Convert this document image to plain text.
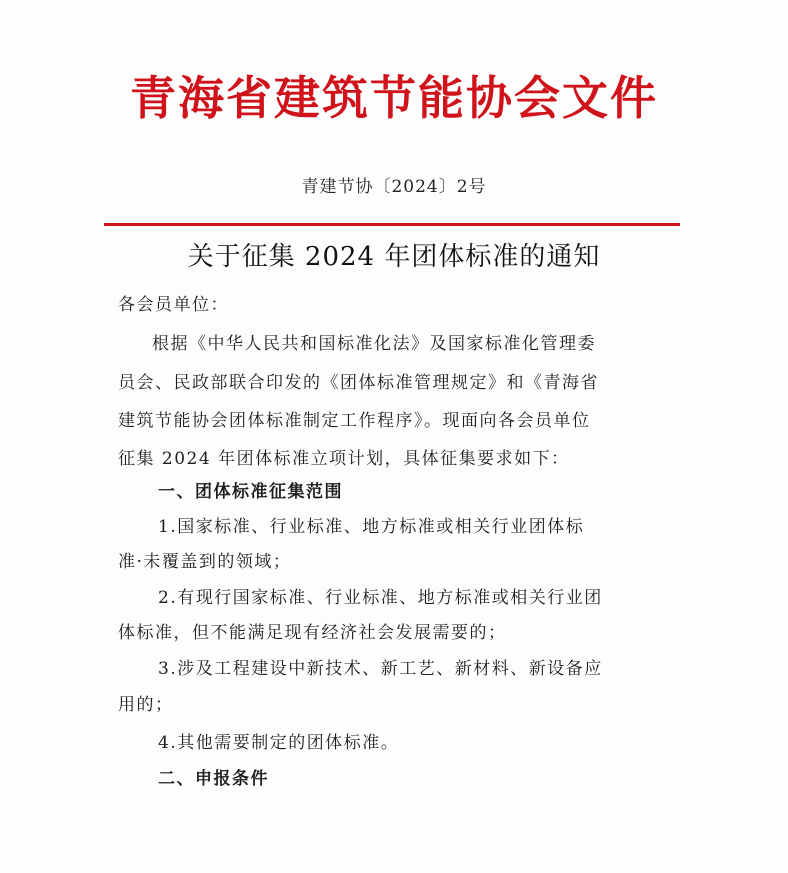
青海省建筑节能协会文件
青建节协〔2024〕2号
关于征集 2024 年团体标准的通知
各会员单位：
根据《中华人民共和国标准化法》及国家标准化管理委
员会、民政部联合印发的《团体标准管理规定》和《青海省
建筑节能协会团体标准制定工作程序》。现面向各会员单位
征集 2024 年团体标准立项计划，具体征集要求如下：
一、团体标准征集范围
1.国家标准、行业标准、地方标准或相关行业团体标
准·未覆盖到的领域；
2.有现行国家标准、行业标准、地方标准或相关行业团
体标准，但不能满足现有经济社会发展需要的；
3.涉及工程建设中新技术、新工艺、新材料、新设备应
用的；
4.其他需要制定的团体标准。
二、申报条件
